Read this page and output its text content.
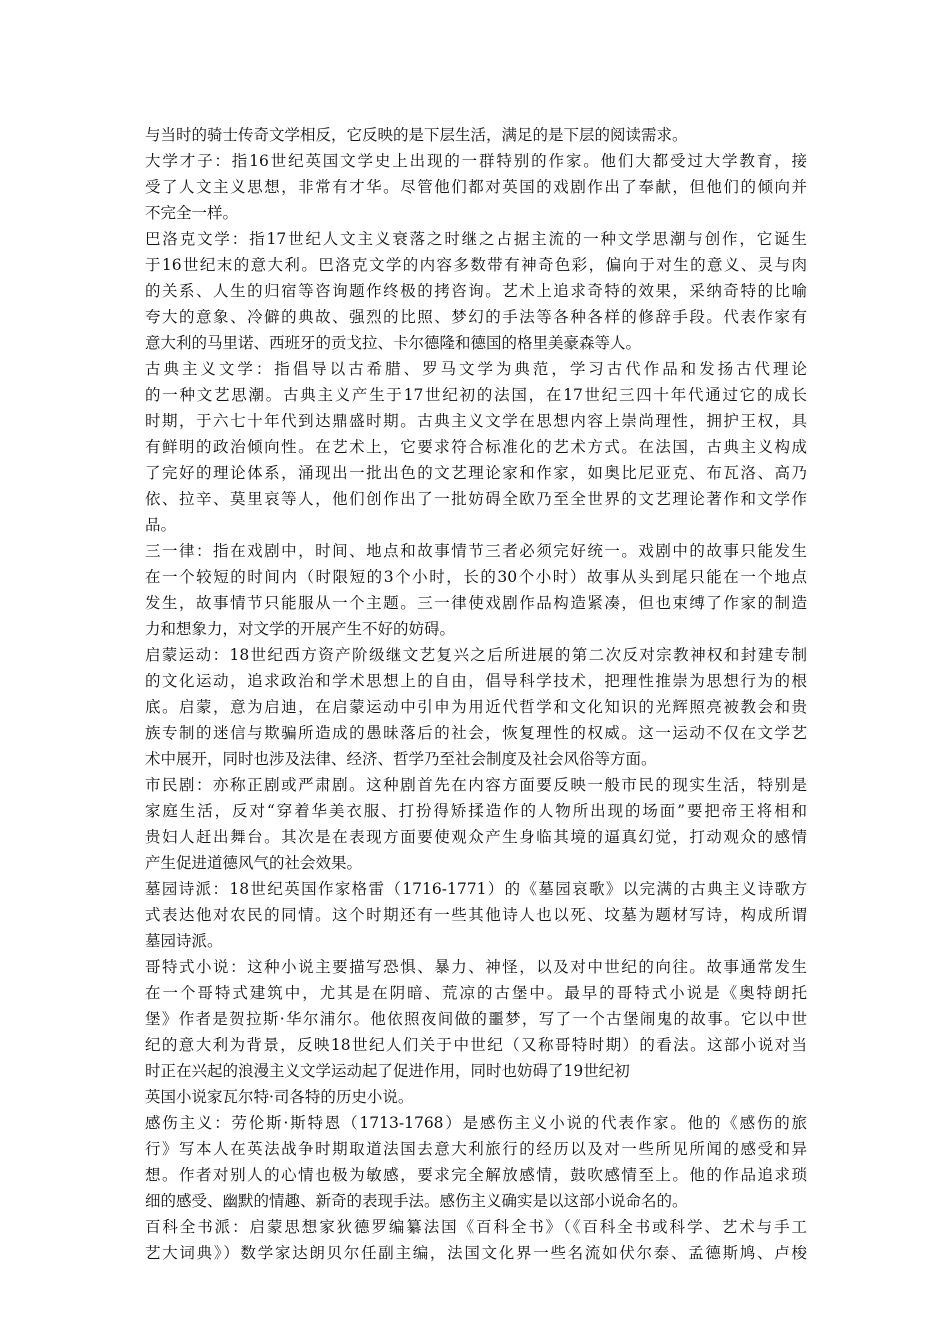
与当时的骑士传奇文学相反，它反映的是下层生活，满足的是下层的阅读需求。
大学才子：指16世纪英国文学史上出现的一群特别的作家。他们大都受过大学教育，接
受了人文主义思想，非常有才华。尽管他们都对英国的戏剧作出了奉献，但他们的倾向并
不完全一样。
巴洛克文学：指17世纪人文主义衰落之时继之占据主流的一种文学思潮与创作，它诞生
于16世纪末的意大利。巴洛克文学的内容多数带有神奇色彩，偏向于对生的意义、灵与肉
的关系、人生的归宿等咨询题作终极的拷咨询。艺术上追求奇特的效果，采纳奇特的比喻
夸大的意象、冷僻的典故、强烈的比照、梦幻的手法等各种各样的修辞手段。代表作家有
意大利的马里诺、西班牙的贡戈拉、卡尔德隆和德国的格里美豪森等人。
古典主义文学：指倡导以古希腊、罗马文学为典范，学习古代作品和发扬古代理论
的一种文艺思潮。古典主义产生于17世纪初的法国，在17世纪三四十年代通过它的成长
时期，于六七十年代到达鼎盛时期。古典主义文学在思想内容上崇尚理性，拥护王权，具
有鲜明的政治倾向性。在艺术上，它要求符合标准化的艺术方式。在法国，古典主义构成
了完好的理论体系，涌现出一批出色的文艺理论家和作家，如奥比尼亚克、布瓦洛、高乃
依、拉辛、莫里哀等人，他们创作出了一批妨碍全欧乃至全世界的文艺理论著作和文学作
品。
三一律：指在戏剧中，时间、地点和故事情节三者必须完好统一。戏剧中的故事只能发生
在一个较短的时间内（时限短的3个小时，长的30个小时）故事从头到尾只能在一个地点
发生，故事情节只能服从一个主题。三一律使戏剧作品构造紧凑，但也束缚了作家的制造
力和想象力，对文学的开展产生不好的妨碍。
启蒙运动：18世纪西方资产阶级继文艺复兴之后所进展的第二次反对宗教神权和封建专制
的文化运动，追求政治和学术思想上的自由，倡导科学技术，把理性推崇为思想行为的根
底。启蒙，意为启迪，在启蒙运动中引申为用近代哲学和文化知识的光辉照亮被教会和贵
族专制的迷信与欺骗所造成的愚昧落后的社会，恢复理性的权威。这一运动不仅在文学艺
术中展开，同时也涉及法律、经济、哲学乃至社会制度及社会风俗等方面。
市民剧：亦称正剧或严肃剧。这种剧首先在内容方面要反映一般市民的现实生活，特别是
家庭生活，反对“穿着华美衣服、打扮得矫揉造作的人物所出现的场面”要把帝王将相和
贵妇人赶出舞台。其次是在表现方面要使观众产生身临其境的逼真幻觉，打动观众的感情
产生促进道德风气的社会效果。
墓园诗派：18世纪英国作家格雷（1716-1771）的《墓园哀歌》以完满的古典主义诗歌方
式表达他对农民的同情。这个时期还有一些其他诗人也以死、坟墓为题材写诗，构成所谓
墓园诗派。
哥特式小说：这种小说主要描写恐惧、暴力、神怪，以及对中世纪的向往。故事通常发生
在一个哥特式建筑中，尤其是在阴暗、荒凉的古堡中。最早的哥特式小说是《奥特朗托
堡》作者是贺拉斯·华尔浦尔。他依照夜间做的噩梦，写了一个古堡闹鬼的故事。它以中世
纪的意大利为背景，反映18世纪人们关于中世纪（又称哥特时期）的看法。这部小说对当
时正在兴起的浪漫主义文学运动起了促进作用，同时也妨碍了19世纪初
英国小说家瓦尔特·司各特的历史小说。
感伤主义：劳伦斯·斯特恩（1713-1768）是感伤主义小说的代表作家。他的《感伤的旅
行》写本人在英法战争时期取道法国去意大利旅行的经历以及对一些所见所闻的感受和异
想。作者对别人的心情也极为敏感，要求完全解放感情，鼓吹感情至上。他的作品追求琐
细的感受、幽默的情趣、新奇的表现手法。感伤主义确实是以这部小说命名的。
百科全书派：启蒙思想家狄德罗编纂法国《百科全书》（《百科全书或科学、艺术与手工
艺大词典》）数学家达朗贝尔任副主编，法国文化界一些名流如伏尔泰、孟德斯鸠、卢梭
